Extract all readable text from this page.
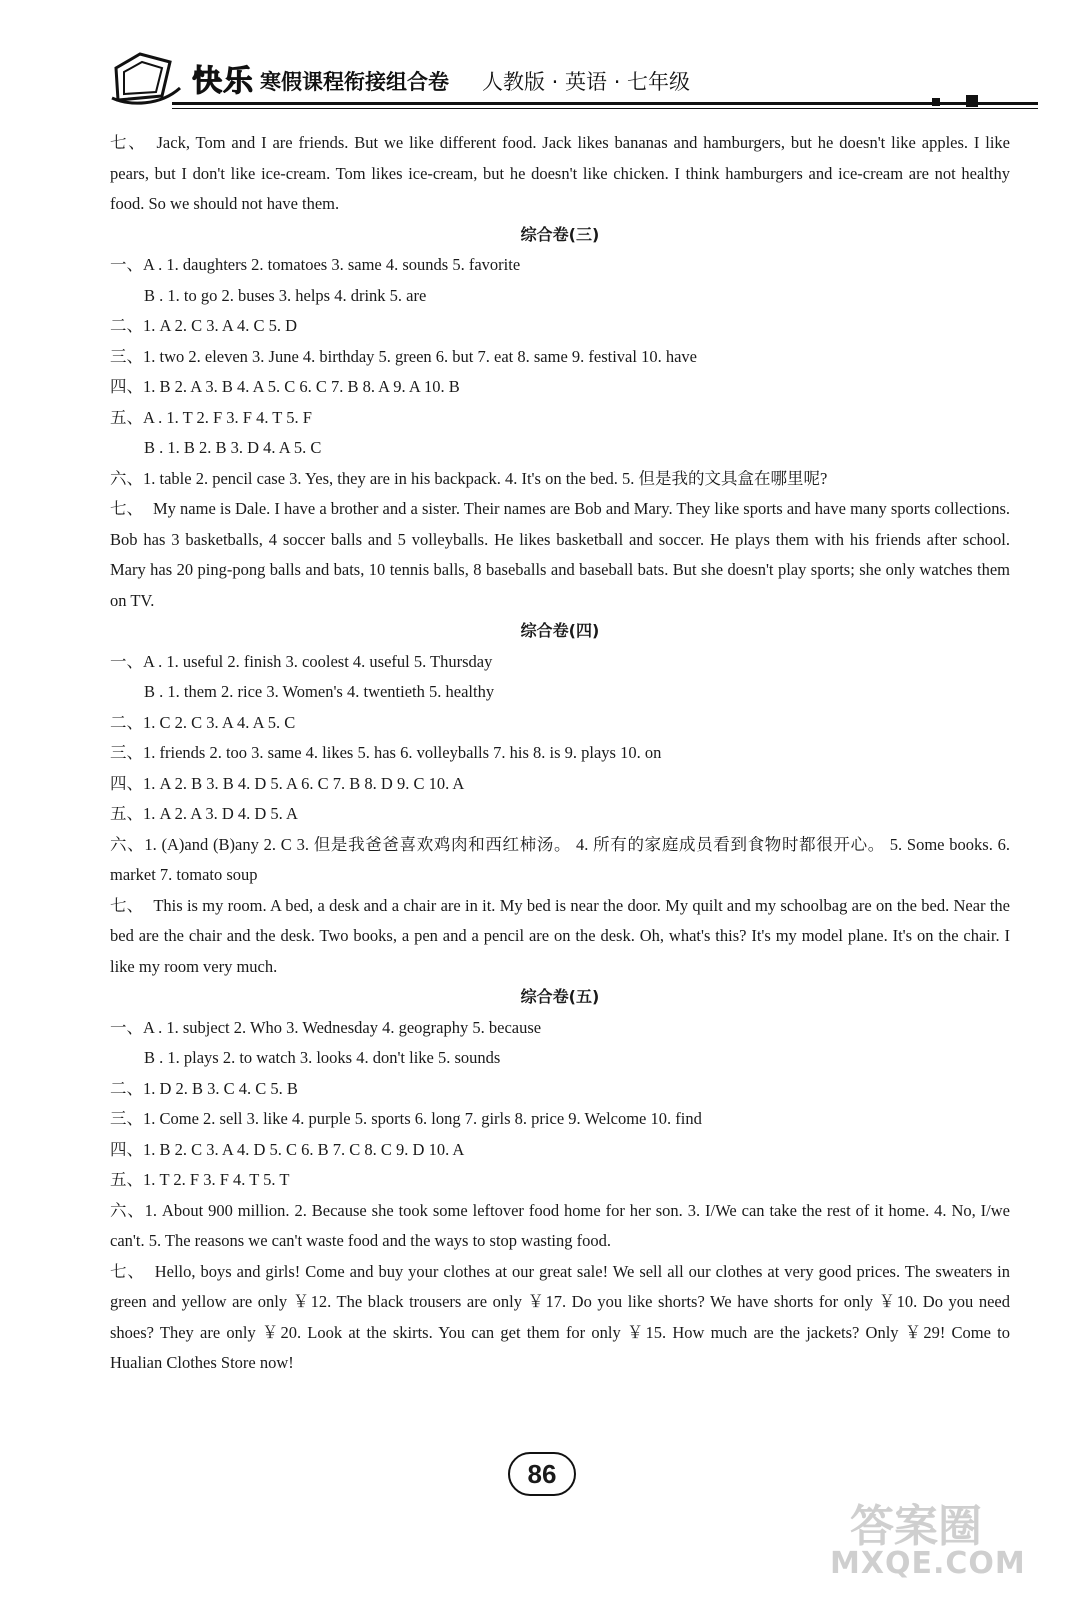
快乐 寒假课程衔接组合卷 人教版 · 英语 · 七年级
七、 Jack, Tom and I are friends. But we like different food. Jack likes bananas and hamburgers, but he doesn't like apples. I like pears, but I don't like ice-cream. Tom likes ice-cream, but he doesn't like chicken. I think hamburgers and ice-cream are not healthy food. So we should not have them.
综合卷(三)
一、A . 1. daughters 2. tomatoes 3. same 4. sounds 5. favorite
B . 1. to go 2. buses 3. helps 4. drink 5. are
二、1. A 2. C 3. A 4. C 5. D
三、1. two 2. eleven 3. June 4. birthday 5. green 6. but 7. eat 8. same 9. festival 10. have
四、1. B 2. A 3. B 4. A 5. C 6. C 7. B 8. A 9. A 10. B
五、A . 1. T 2. F 3. F 4. T 5. F
B . 1. B 2. B 3. D 4. A 5. C
六、1. table 2. pencil case 3. Yes, they are in his backpack. 4. It's on the bed. 5. 但是我的文具盒在哪里呢?
七、 My name is Dale. I have a brother and a sister. Their names are Bob and Mary. They like sports and have many sports collections. Bob has 3 basketballs, 4 soccer balls and 5 volleyballs. He likes basketball and soccer. He plays them with his friends after school. Mary has 20 ping-pong balls and bats, 10 tennis balls, 8 baseballs and baseball bats. But she doesn't play sports; she only watches them on TV.
综合卷(四)
一、A . 1. useful 2. finish 3. coolest 4. useful 5. Thursday
B . 1. them 2. rice 3. Women's 4. twentieth 5. healthy
二、1. C 2. C 3. A 4. A 5. C
三、1. friends 2. too 3. same 4. likes 5. has 6. volleyballs 7. his 8. is 9. plays 10. on
四、1. A 2. B 3. B 4. D 5. A 6. C 7. B 8. D 9. C 10. A
五、1. A 2. A 3. D 4. D 5. A
六、1. (A)and (B)any 2. C 3. 但是我爸爸喜欢鸡肉和西红柿汤。 4. 所有的家庭成员看到食物时都很开心。 5. Some books. 6. market 7. tomato soup
七、 This is my room. A bed, a desk and a chair are in it. My bed is near the door. My quilt and my schoolbag are on the bed. Near the bed are the chair and the desk. Two books, a pen and a pencil are on the desk. Oh, what's this? It's my model plane. It's on the chair. I like my room very much.
综合卷(五)
一、A . 1. subject 2. Who 3. Wednesday 4. geography 5. because
B . 1. plays 2. to watch 3. looks 4. don't like 5. sounds
二、1. D 2. B 3. C 4. C 5. B
三、1. Come 2. sell 3. like 4. purple 5. sports 6. long 7. girls 8. price 9. Welcome 10. find
四、1. B 2. C 3. A 4. D 5. C 6. B 7. C 8. C 9. D 10. A
五、1. T 2. F 3. F 4. T 5. T
六、1. About 900 million. 2. Because she took some leftover food home for her son. 3. I/We can take the rest of it home. 4. No, I/we can't. 5. The reasons we can't waste food and the ways to stop wasting food.
七、 Hello, boys and girls! Come and buy your clothes at our great sale! We sell all our clothes at very good prices. The sweaters in green and yellow are only ￥12. The black trousers are only ￥17. Do you like shorts? We have shorts for only ￥10. Do you need shoes? They are only ￥20. Look at the skirts. You can get them for only ￥15. How much are the jackets? Only ￥29! Come to Hualian Clothes Store now!
86
答案圈
MXQE.COM
